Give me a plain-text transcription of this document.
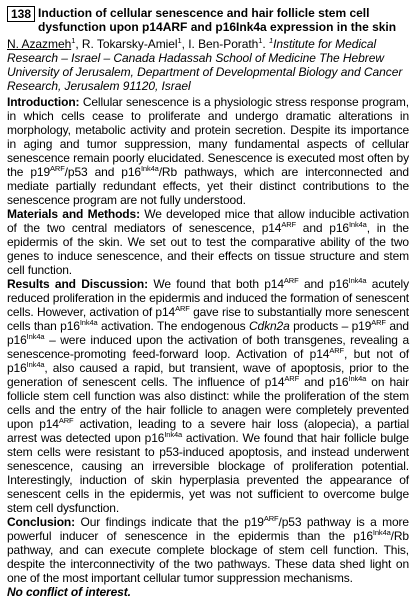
138 Induction of cellular senescence and hair follicle stem cell dysfunction upon p14ARF and p16Ink4a expression in the skin
N. Azazmeh$^1$, R. Tokarsky-Amiel$^1$, I. Ben-Porath$^1$. $^1$Institute for Medical Research – Israel – Canada Hadassah School of Medicine The Hebrew University of Jerusalem, Department of Developmental Biology and Cancer Research, Jerusalem 91120, Israel

Introduction: Cellular senescence is a physiologic stress response program, in which cells cease to proliferate and undergo dramatic alterations in morphology, metabolic activity and protein secretion. Despite its importance in aging and tumor suppression, many fundamental aspects of cellular senescence remain poorly elucidated. Senescence is executed most often by the $p19^{ARF}/p53$ and $p16^{Ink4a}/Rb$ pathways, which are interconnected and mediate partially redundant effects, yet their distinct contributions to the senescence program are not fully understood.

Materials and Methods: We developed mice that allow inducible activation of the two central mediators of senescence, $p14^{ARF}$ and $p16^{Ink4a}$, in the epidermis of the skin. We set out to test the comparative ability of the two genes to induce senescence, and their effects on tissue structure and stem cell function.

Results and Discussion: We found that both $p14^{ARF}$ and $p16^{Ink4a}$ acutely reduced proliferation in the epidermis and induced the formation of senescent cells. However, activation of $p14^{ARF}$ gave rise to substantially more senescent cells than $p16^{Ink4a}$ activation. The endogenous Cdkn2a products – $p19^{ARF}$ and $p16^{Ink4a}$ – were induced upon the activation of both transgenes, revealing a senescence-promoting feed-forward loop. Activation of $p14^{ARF}$, but not of $p16^{Ink4a}$, also caused a rapid, but transient, wave of apoptosis, prior to the generation of senescent cells. The influence of $p14^{ARF}$ and $p16^{Ink4a}$ on hair follicle stem cell function was also distinct: while the proliferation of the stem cells and the entry of the hair follicle to anagen were completely prevented upon $p14^{ARF}$ activation, leading to a severe hair loss (alopecia), a partial arrest was detected upon $p16^{Ink4a}$ activation. We found that hair follicle bulge stem cells were resistant to p53-induced apoptosis, and instead underwent senescence, causing an irreversible blockage of proliferation potential. Interestingly, induction of skin hyperplasia prevented the appearance of senescent cells in the epidermis, yet was not sufficient to overcome bulge stem cell dysfunction.

Conclusion: Our findings indicate that the $p19^{ARF}/p53$ pathway is a more powerful inducer of senescence in the epidermis than the $p16^{Ink4a}/Rb$ pathway, and can execute complete blockage of stem cell function. This, despite the interconnectivity of the two pathways. These data shed light on one of the most important cellular tumor suppression mechanisms.

No conflict of interest.
